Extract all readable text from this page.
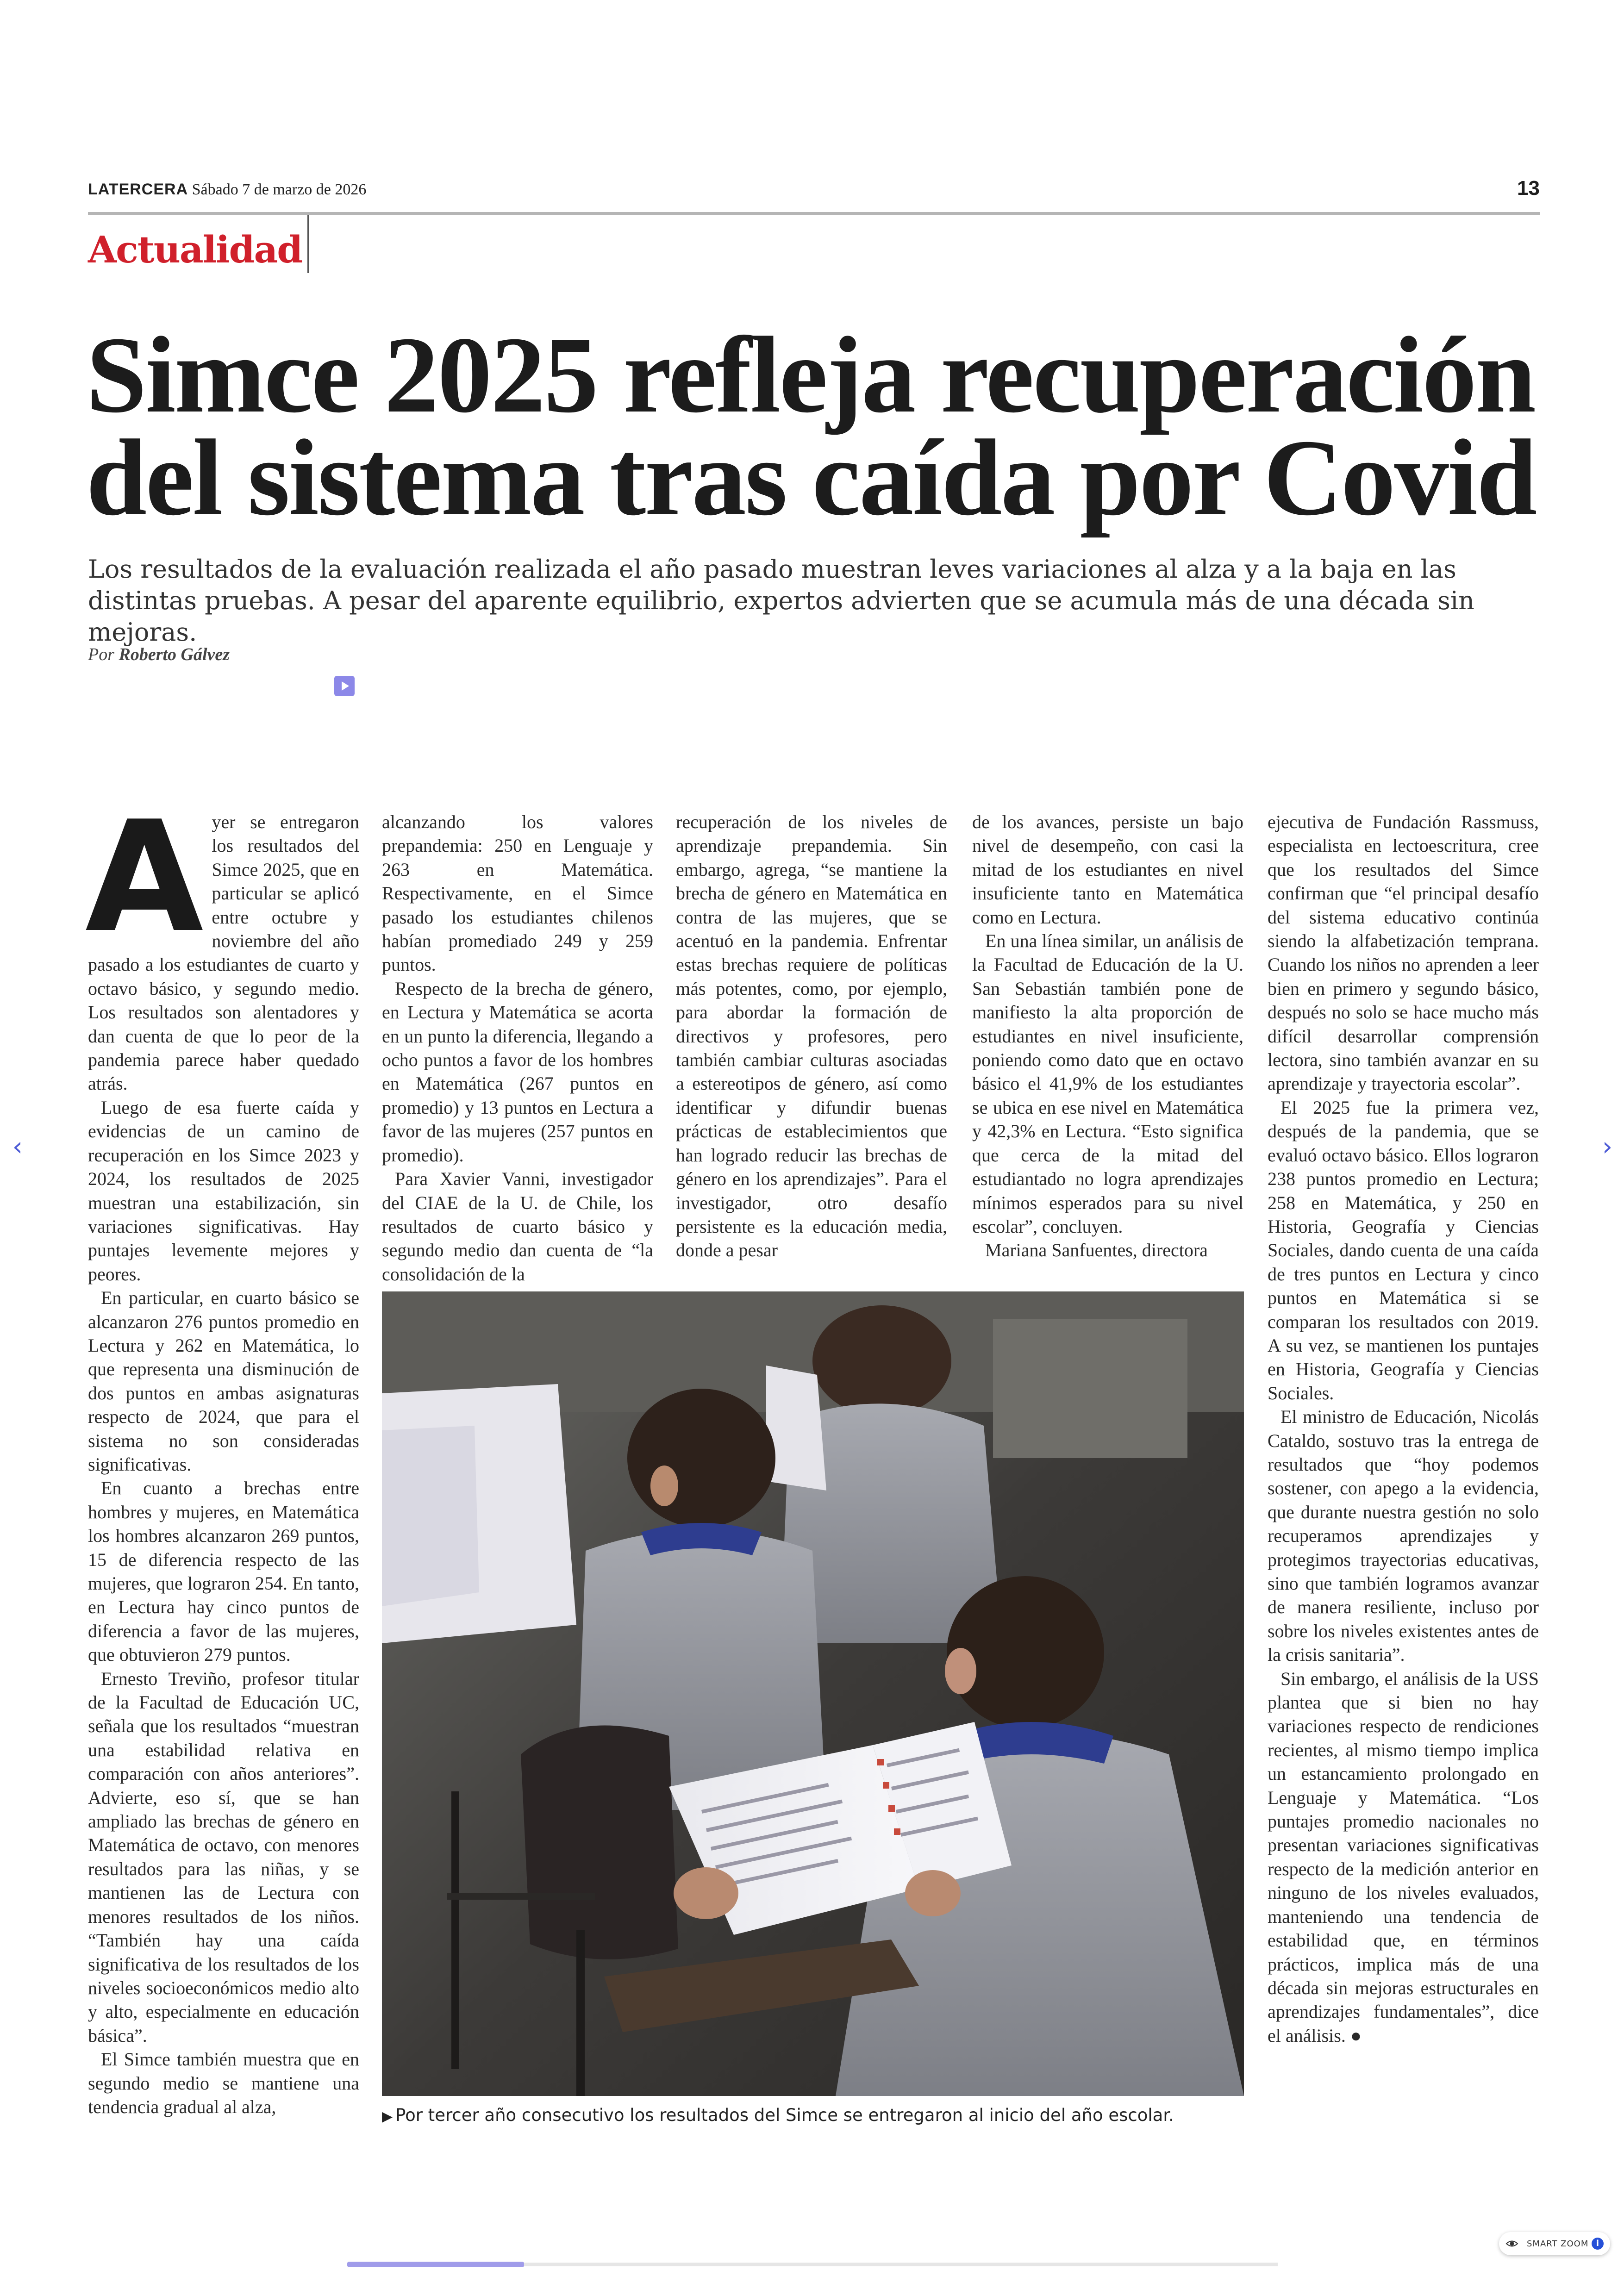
LATERCERA Sábado 7 de marzo de 2026	13
Actualidad
Simce 2025 refleja recuperación
del sistema tras caída por Covid
Los resultados de la evaluación realizada el año pasado muestran leves variaciones al alza y a la baja en las distintas pruebas. A pesar del aparente equilibrio, expertos advierten que se acumula más de una década sin mejoras.
Por Roberto Gálvez

Ayer se entregaron los resultados del Simce 2025, que en particular se aplicó entre octubre y noviembre del año pasado a los estudiantes de cuarto y octavo básico, y segundo medio. Los resultados son alentadores y dan cuenta de que lo peor de la pandemia parece haber quedado atrás.

Luego de esa fuerte caída y evidencias de un camino de recuperación en los Simce 2023 y 2024, los resultados de 2025 muestran una estabilización, sin variaciones significativas. Hay puntajes levemente mejores y peores.

En particular, en cuarto básico se alcanzaron 276 puntos promedio en Lectura y 262 en Matemática, lo que representa una disminución de dos puntos en ambas asignaturas respecto de 2024, que para el sistema no son consideradas significativas.

En cuanto a brechas entre hombres y mujeres, en Matemática los hombres alcanzaron 269 puntos, 15 de diferencia respecto de las mujeres, que lograron 254. En tanto, en Lectura hay cinco puntos de diferencia a favor de las mujeres, que obtuvieron 279 puntos.

Ernesto Treviño, profesor titular de la Facultad de Educación UC, señala que los resultados “muestran una estabilidad relativa en comparación con años anteriores”. Advierte, eso sí, que se han ampliado las brechas de género en Matemática de octavo, con menores resultados para las niñas, y se mantienen las de Lectura con menores resultados de los niños. “También hay una caída significativa de los resultados de los niveles socioeconómicos medio alto y alto, especialmente en educación básica”.

El Simce también muestra que en segundo medio se mantiene una tendencia gradual al alza,

alcanzando los valores prepandemia: 250 en Lenguaje y 263 en Matemática. Respectivamente, en el Simce pasado los estudiantes chilenos habían promediado 249 y 259 puntos.

Respecto de la brecha de género, en Lectura y Matemática se acorta en un punto la diferencia, llegando a ocho puntos a favor de los hombres en Matemática (267 puntos en promedio) y 13 puntos en Lectura a favor de las mujeres (257 puntos en promedio).

Para Xavier Vanni, investigador del CIAE de la U. de Chile, los resultados de cuarto básico y segundo medio dan cuenta de “la consolidación de la

recuperación de los niveles de aprendizaje prepandemia. Sin embargo, agrega, “se mantiene la brecha de género en Matemática en contra de las mujeres, que se acentuó en la pandemia. Enfrentar estas brechas requiere de políticas más potentes, como, por ejemplo, para abordar la formación de directivos y profesores, pero también cambiar culturas asociadas a estereotipos de género, así como identificar y difundir buenas prácticas de establecimientos que han logrado reducir las brechas de género en los aprendizajes”. Para el investigador, otro desafío persistente es la educación media, donde a pesar

de los avances, persiste un bajo nivel de desempeño, con casi la mitad de los estudiantes en nivel insuficiente tanto en Matemática como en Lectura.

En una línea similar, un análisis de la Facultad de Educación de la U. San Sebastián también pone de manifiesto la alta proporción de estudiantes en nivel insuficiente, poniendo como dato que en octavo básico el 41,9% de los estudiantes se ubica en ese nivel en Matemática y 42,3% en Lectura. “Esto significa que cerca de la mitad del estudiantado no logra aprendizajes mínimos esperados para su nivel escolar”, concluyen.

Mariana Sanfuentes, directora

ejecutiva de Fundación Rassmuss, especialista en lectoescritura, cree que los resultados del Simce confirman que “el principal desafío del sistema educativo continúa siendo la alfabetización temprana. Cuando los niños no aprenden a leer bien en primero y segundo básico, después no solo se hace mucho más difícil desarrollar comprensión lectora, sino también avanzar en su aprendizaje y trayectoria escolar”.

El 2025 fue la primera vez, después de la pandemia, que se evaluó octavo básico. Ellos lograron 238 puntos promedio en Lectura; 258 en Matemática, y 250 en Historia, Geografía y Ciencias Sociales, dando cuenta de una caída de tres puntos en Lectura y cinco puntos en Matemática si se comparan los resultados con 2019. A su vez, se mantienen los puntajes en Historia, Geografía y Ciencias Sociales.

El ministro de Educación, Nicolás Cataldo, sostuvo tras la entrega de resultados que “hoy podemos sostener, con apego a la evidencia, que durante nuestra gestión no solo recuperamos aprendizajes y protegimos trayectorias educativas, sino que también logramos avanzar de manera resiliente, incluso por sobre los niveles existentes antes de la crisis sanitaria”.

Sin embargo, el análisis de la USS plantea que si bien no hay variaciones respecto de rendiciones recientes, al mismo tiempo implica un estancamiento prolongado en Lenguaje y Matemática. “Los puntajes promedio nacionales no presentan variaciones significativas respecto de la medición anterior en ninguno de los niveles evaluados, manteniendo una tendencia de estabilidad que, en términos prácticos, implica más de una década sin mejoras estructurales en aprendizajes fundamentales”, dice el análisis. ●

▶ Por tercer año consecutivo los resultados del Simce se entregaron al inicio del año escolar.
‹	›
SMART ZOOM i
